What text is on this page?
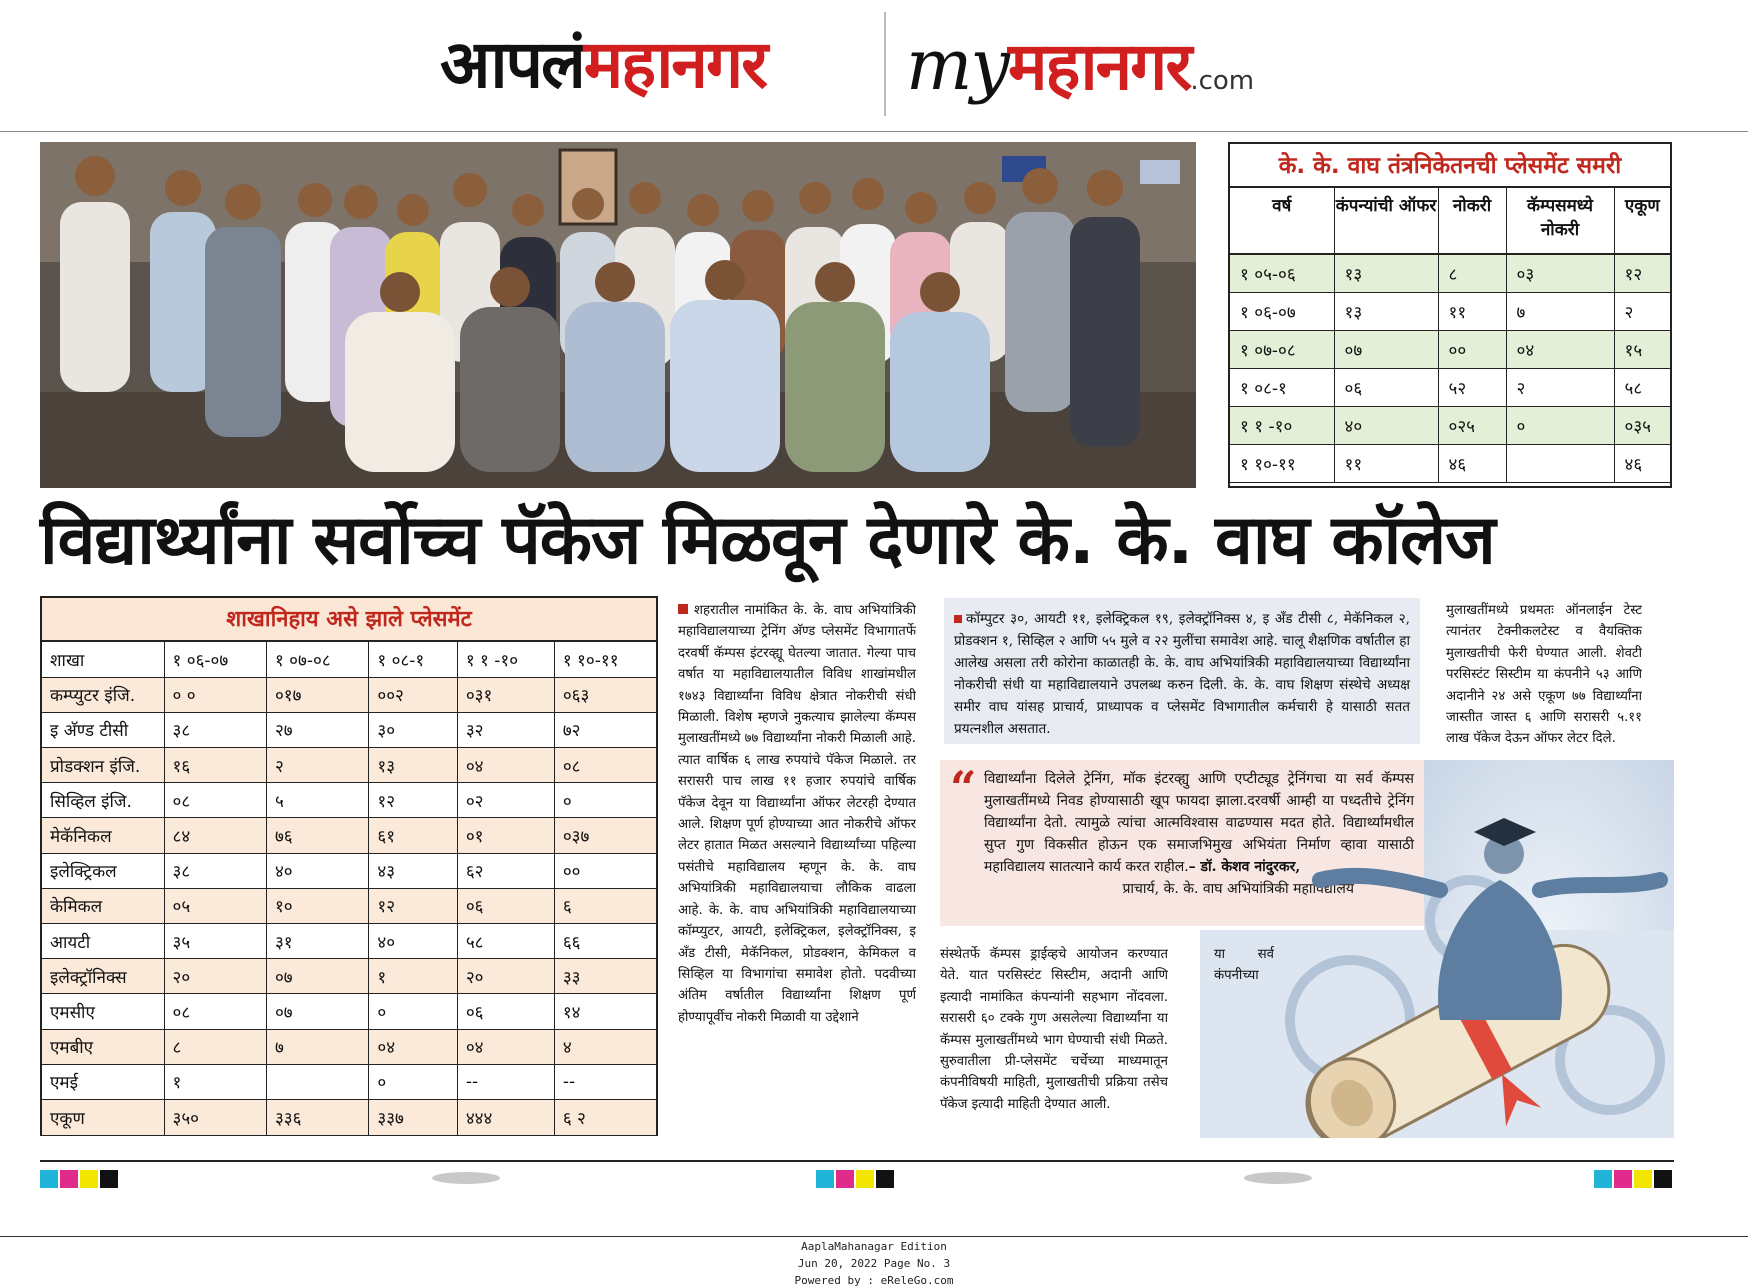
आपलंमहानगर myमहानगर.com
के. के. वाघ तंत्रनिकेतनची प्लेसमेंट समरी
वर्ष	कंपन्यांची ऑफर	नोकरी	कॅम्पसमध्ये नोकरी	एकूण
१ ०५-०६	१३	८	०३	१२
१ ०६-०७	१३	११	७	२
१ ०७-०८	०७	००	०४	१५
१ ०८-१	०६	५२	२	५८
१ १ -१०	४०	०२५	०	०३५
१ १०-११	११	४६		४६
विद्यार्थ्यांना सर्वोच्च पॅकेज मिळवून देणारे के. के. वाघ कॉलेज
शाखानिहाय असे झाले प्लेसमेंट
शाखा	१ ०६-०७	१ ०७-०८	१ ०८-१	१ १ -१०	१ १०-११
कम्प्युटर इंजि.	० ०	०१७	००२	०३१	०६३
इ अ‍ॅण्ड टीसी	३८	२७	३०	३२	७२
प्रोडक्शन इंजि.	१६	२	१३	०४	०८
सिव्हिल इंजि.	०८	५	१२	०२	०
मेकॅनिकल	८४	७६	६१	०१	०३७
इलेक्ट्रिकल	३८	४०	४३	६२	००
केमिकल	०५	१०	१२	०६	६
आयटी	३५	३१	४०	५८	६६
इलेक्ट्रॉनिक्स	२०	०७	१	२०	३३
एमसीए	०८	०७	०	०६	१४
एमबीए	८	७	०४	०४	४
एमई	१		०	--	--
एकूण	३५०	३३६	३३७	४४४	६ २
शहरातील नामांकित के. के. वाघ अभियांत्रिकी महाविद्यालयाच्या ट्रेनिंग अ‍ॅण्ड प्लेसमेंट विभागातर्फे दरवर्षी कॅम्पस इंटरव्ह्यू घेतल्या जातात. गेल्या पाच वर्षात या महाविद्यालयातील विविध शाखांमधील १७४३ विद्यार्थ्यांना विविध क्षेत्रात नोकरीची संधी मिळाली. विशेष म्हणजे नुकत्याच झालेल्या कॅम्पस मुलाखतींमध्ये ७७ विद्यार्थ्यांना नोकरी मिळाली आहे. त्यात वार्षिक ६ लाख रुपयांचे पॅकेज मिळाले. तर सरासरी पाच लाख ११ हजार रुपयांचे वार्षिक पॅकेज देवून या विद्यार्थ्यांना ऑफर लेटरही देण्यात आले. शिक्षण पूर्ण होण्याच्या आत नोकरीचे ऑफर लेटर हातात मिळत असल्याने विद्यार्थ्यांच्या पहिल्या पसंतीचे महाविद्यालय म्हणून के. के. वाघ अभियांत्रिकी महाविद्यालयाचा लौकिक वाढला आहे. के. के. वाघ अभियांत्रिकी महाविद्यालयाच्या कॉम्प्युटर, आयटी, इलेक्ट्रिकल, इलेक्ट्रॉनिक्स, इ अ‍ॅंड टीसी, मेकॅनिकल, प्रोडक्शन, केमिकल व सिव्हिल या विभागांचा समावेश होतो. पदवीच्या अंतिम वर्षातील विद्यार्थ्यांना शिक्षण पूर्ण होण्यापूर्वीच नोकरी मिळावी या उद्देशाने
कॉम्पुटर ३०, आयटी ११, इलेक्ट्रिकल १९, इलेक्ट्रॉनिक्स ४, इ अ‍ॅंड टीसी ८, मेकॅनिकल २, प्रोडक्शन १, सिव्हिल २ आणि ५५ मुले व २२ मुलींचा समावेश आहे. चालू शैक्षणिक वर्षातील हा आलेख असला तरी कोरोना काळातही के. के. वाघ अभियांत्रिकी महाविद्यालयाच्या विद्यार्थ्यांना नोकरीची संधी या महाविद्यालयाने उपलब्ध करुन दिली. के. के. वाघ शिक्षण संस्थेचे अध्यक्ष समीर वाघ यांसह प्राचार्य, प्राध्यापक व प्लेसमेंट विभागातील कर्मचारी हे यासाठी सतत प्रयत्नशील असतात.
मुलाखतींमध्ये प्रथमतः ऑनलाईन टेस्ट त्यानंतर टेक्नीकलटेस्ट व वैयक्तिक मुलाखतीची फेरी घेण्यात आली. शेवटी परसिस्टंट सिस्टीम या कंपनीने ५३ आणि अदानीने २४ असे एकूण ७७ विद्यार्थ्यांना जास्तीत जास्त ६ आणि सरासरी ५.११ लाख पॅकेज देऊन ऑफर लेटर दिले.
“ विद्यार्थ्यांना दिलेले ट्रेनिंग, मॉक इंटरव्ह्यु आणि एप्टीट्यूड ट्रेनिंगचा या सर्व कॅम्पस मुलाखतींमध्ये निवड होण्यासाठी खूप फायदा झाला.दरवर्षी आम्ही या पध्दतीचे ट्रेनिंग विद्यार्थ्यांना देतो. त्यामुळे त्यांचा आत्मविश्वास वाढण्यास मदत होते. विद्यार्थ्यांमधील सुप्त गुण विकसीत होऊन एक समाजभिमुख अभियंता निर्माण व्हावा यासाठी महाविद्यालय सातत्याने कार्य करत राहील.– डॉ. केशव नांदुरकर,
प्राचार्य, के. के. वाघ अभियांत्रिकी महाविद्यालय
संस्थेतर्फे कॅम्पस ड्राईव्हचे आयोजन करण्यात येते. यात परसिस्टंट सिस्टीम, अदानी आणि इत्यादी नामांकित कंपन्यांनी सहभाग नोंदवला. सरासरी ६० टक्के गुण असलेल्या विद्यार्थ्यांना या कॅम्पस मुलाखतींमध्ये भाग घेण्याची संधी मिळते. सुरुवातीला प्री-प्लेसमेंट चर्चेच्या माध्यमातून कंपनीविषयी माहिती, मुलाखतीची प्रक्रिया तसेच पॅकेज इत्यादी माहिती देण्यात आली.
या सर्व कंपनीच्या
AaplaMahanagar Edition
Jun 20, 2022 Page No. 3
Powered by : eReleGo.com
